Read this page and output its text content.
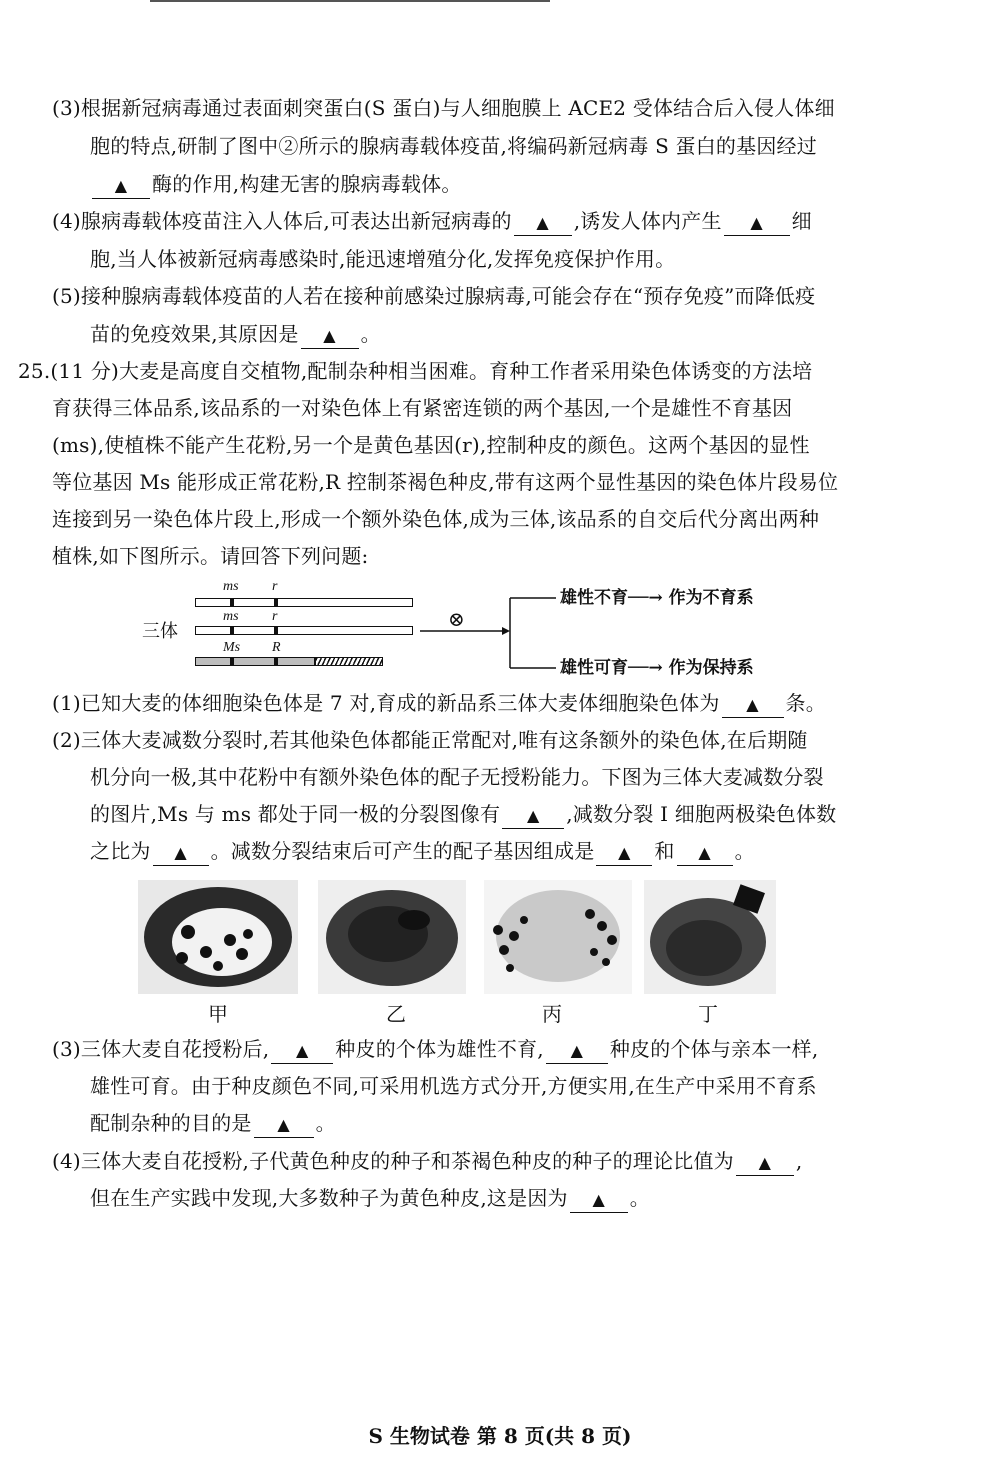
(3)根据新冠病毒通过表面刺突蛋白(S 蛋白)与人细胞膜上 ACE2 受体结合后入侵人体细
胞的特点,研制了图中②所示的腺病毒载体疫苗,将编码新冠病毒 S 蛋白的基因经过
▲ 酶的作用,构建无害的腺病毒载体。
(4)腺病毒载体疫苗注入人体后,可表达出新冠病毒的 ▲ ,诱发人体内产生 ▲ 细
胞,当人体被新冠病毒感染时,能迅速增殖分化,发挥免疫保护作用。
(5)接种腺病毒载体疫苗的人若在接种前感染过腺病毒,可能会存在“预存免疫”而降低疫
苗的免疫效果,其原因是 ▲ 。
25.(11 分)大麦是高度自交植物,配制杂种相当困难。育种工作者采用染色体诱变的方法培
育获得三体品系,该品系的一对染色体上有紧密连锁的两个基因,一个是雄性不育基因
(ms),使植株不能产生花粉,另一个是黄色基因(r),控制种皮的颜色。这两个基因的显性
等位基因 Ms 能形成正常花粉,R 控制茶褐色种皮,带有这两个显性基因的染色体片段易位
连接到另一染色体片段上,形成一个额外染色体,成为三体,该品系的自交后代分离出两种
植株,如下图所示。请回答下列问题:
三体
ms r
ms r
Ms R
⊗
雄性不育──→ 作为不育系
雄性可育──→ 作为保持系
(1)已知大麦的体细胞染色体是 7 对,育成的新品系三体大麦体细胞染色体为 ▲ 条。
(2)三体大麦减数分裂时,若其他染色体都能正常配对,唯有这条额外的染色体,在后期随
机分向一极,其中花粉中有额外染色体的配子无授粉能力。下图为三体大麦减数分裂
的图片,Ms 与 ms 都处于同一极的分裂图像有 ▲ ,减数分裂 I 细胞两极染色体数
之比为 ▲ 。减数分裂结束后可产生的配子基因组成是 ▲ 和 ▲ 。
甲	乙	丙	丁
(3)三体大麦自花授粉后, ▲ 种皮的个体为雄性不育, ▲ 种皮的个体与亲本一样,
雄性可育。由于种皮颜色不同,可采用机选方式分开,方便实用,在生产中采用不育系
配制杂种的目的是 ▲ 。
(4)三体大麦自花授粉,子代黄色种皮的种子和茶褐色种皮的种子的理论比值为 ▲ ,
但在生产实践中发现,大多数种子为黄色种皮,这是因为 ▲ 。
S 生物试卷 第 8 页(共 8 页)
